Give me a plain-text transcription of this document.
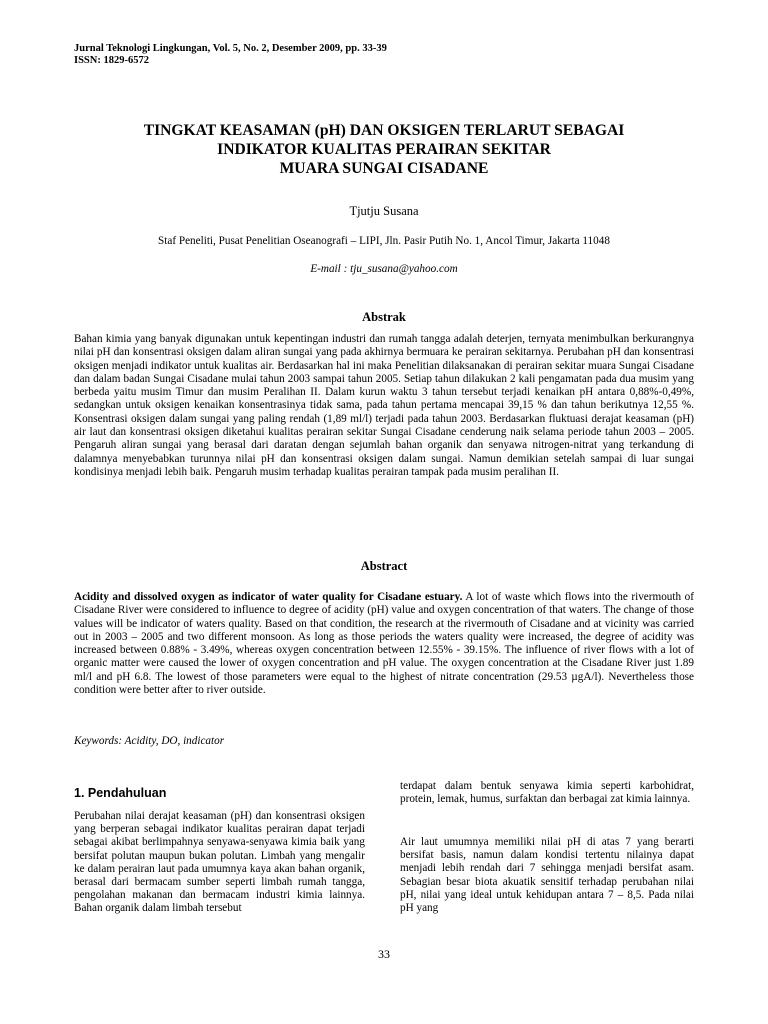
Jurnal Teknologi Lingkungan, Vol. 5, No. 2, Desember 2009, pp. 33-39
ISSN: 1829-6572
TINGKAT KEASAMAN (pH) DAN OKSIGEN TERLARUT SEBAGAI
INDIKATOR KUALITAS PERAIRAN SEKITAR
MUARA SUNGAI CISADANE
Tjutju Susana
Staf Peneliti, Pusat Penelitian Oseanografi – LIPI, Jln. Pasir Putih No. 1, Ancol Timur, Jakarta 11048
E-mail : tju_susana@yahoo.com
Abstrak
Bahan kimia yang banyak digunakan untuk kepentingan industri dan rumah tangga adalah deterjen, ternyata menimbulkan berkurangnya nilai pH dan konsentrasi oksigen dalam aliran sungai yang pada akhirnya bermuara ke perairan sekitarnya. Perubahan pH dan konsentrasi oksigen menjadi indikator untuk kualitas air. Berdasarkan hal ini maka Penelitian dilaksanakan di perairan sekitar muara Sungai Cisadane dan dalam badan Sungai Cisadane mulai tahun 2003 sampai tahun 2005. Setiap tahun dilakukan 2 kali pengamatan pada dua musim yang berbeda yaitu musim Timur dan musim Peralihan II. Dalam kurun waktu 3 tahun tersebut terjadi kenaikan pH antara 0,88%-0,49%, sedangkan untuk oksigen kenaikan konsentrasinya tidak sama, pada tahun pertama mencapai 39,15 % dan tahun berikutnya 12,55 %. Konsentrasi oksigen dalam sungai yang paling rendah (1,89 ml/l) terjadi pada tahun 2003. Berdasarkan fluktuasi derajat keasaman (pH) air laut dan konsentrasi oksigen diketahui kualitas perairan sekitar Sungai Cisadane cenderung naik selama periode tahun 2003 – 2005. Pengaruh aliran sungai yang berasal dari daratan dengan sejumlah bahan organik dan senyawa nitrogen-nitrat yang terkandung di dalamnya menyebabkan turunnya nilai pH dan konsentrasi oksigen dalam sungai. Namun demikian setelah sampai di luar sungai kondisinya menjadi lebih baik. Pengaruh musim terhadap kualitas perairan tampak pada musim peralihan II.
Abstract
Acidity and dissolved oxygen as indicator of water quality for Cisadane estuary. A lot of waste which flows into the rivermouth of Cisadane River were considered to influence to degree of acidity (pH) value and oxygen concentration of that waters. The change of those values will be indicator of waters quality. Based on that condition, the research at the rivermouth of Cisadane and at vicinity was carried out in 2003 – 2005 and two different monsoon. As long as those periods the waters quality were increased, the degree of acidity was increased between 0.88% - 3.49%, whereas oxygen concentration between 12.55% - 39.15%. The influence of river flows with a lot of organic matter were caused the lower of oxygen concentration and pH value. The oxygen concentration at the Cisadane River just 1.89 ml/l and pH 6.8. The lowest of those parameters were equal to the highest of nitrate concentration (29.53 µgA/l). Nevertheless those condition were better after to river outside.
Keywords: Acidity, DO, indicator
1. Pendahuluan
Perubahan nilai derajat keasaman (pH) dan konsentrasi oksigen yang berperan sebagai indikator kualitas perairan dapat terjadi sebagai akibat berlimpahnya senyawa-senyawa kimia baik yang bersifat polutan maupun bukan polutan. Limbah yang mengalir ke dalam perairan laut pada umumnya kaya akan bahan organik, berasal dari bermacam sumber seperti limbah rumah tangga, pengolahan makanan dan bermacam industri kimia lainnya. Bahan organik dalam limbah tersebut
terdapat dalam bentuk senyawa kimia seperti karbohidrat, protein, lemak, humus, surfaktan dan berbagai zat kimia lainnya.
Air laut umumnya memiliki nilai pH di atas 7 yang berarti bersifat basis, namun dalam kondisi tertentu nilainya dapat menjadi lebih rendah dari 7 sehingga menjadi bersifat asam. Sebagian besar biota akuatik sensitif terhadap perubahan nilai pH, nilai yang ideal untuk kehidupan antara 7 – 8,5. Pada nilai pH yang
33
